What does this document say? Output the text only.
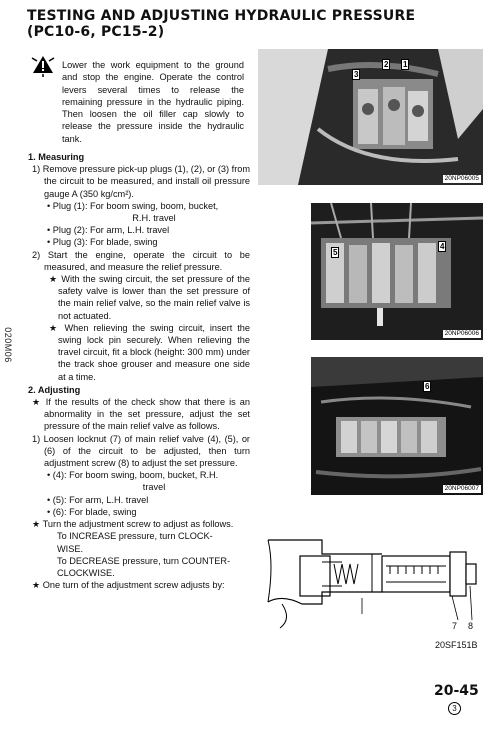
TESTING AND ADJUSTING HYDRAULIC PRESSURE
(PC10-6, PC15-2)
020M06
Lower the work equipment to the ground and stop the engine. Operate the control levers several times to release the remaining pressure in the hydraulic piping. Then loosen the oil filler cap slowly to release the pressure inside the hydraulic tank.
1. Measuring
1) Remove pressure pick-up plugs (1), (2), or (3) from the circuit to be measured, and install oil pressure gauge A (350 kg/cm²).
• Plug (1): For boom swing, boom, bucket,
R.H. travel
• Plug (2): For arm, L.H. travel
• Plug (3): For blade, swing
2) Start the engine, operate the circuit to be measured, and measure the relief pressure.
★ With the swing circuit, the set pressure of the safety valve is lower than the set pressure of the main relief valve, so the main relief valve is not actuated.
★ When relieving the swing circuit, insert the swing lock pin securely. When relieving the travel circuit, fit a block (height: 300 mm) under the track shoe grouser and measure one side at a time.
2. Adjusting
★ If the results of the check show that there is an abnormality in the set pressure, adjust the set pressure of the main relief valve as follows.
1) Loosen locknut (7) of main relief valve (4), (5), or (6) of the circuit to be adjusted, then turn adjustment screw (8) to adjust the set pressure.
• (4): For boom swing, boom, bucket, R.H.
travel
• (5): For arm, L.H. travel
• (6): For blade, swing
★ Turn the adjustment screw to adjust as follows.
To INCREASE pressure, turn CLOCK-
WISE.
To DECREASE pressure, turn COUNTER-
CLOCKWISE.
★ One turn of the adjustment screw adjusts by:
3
2 1
20NP06005
5
4
20NP06006
6
20NP06007
7 8
20SF151B
20-45
3
